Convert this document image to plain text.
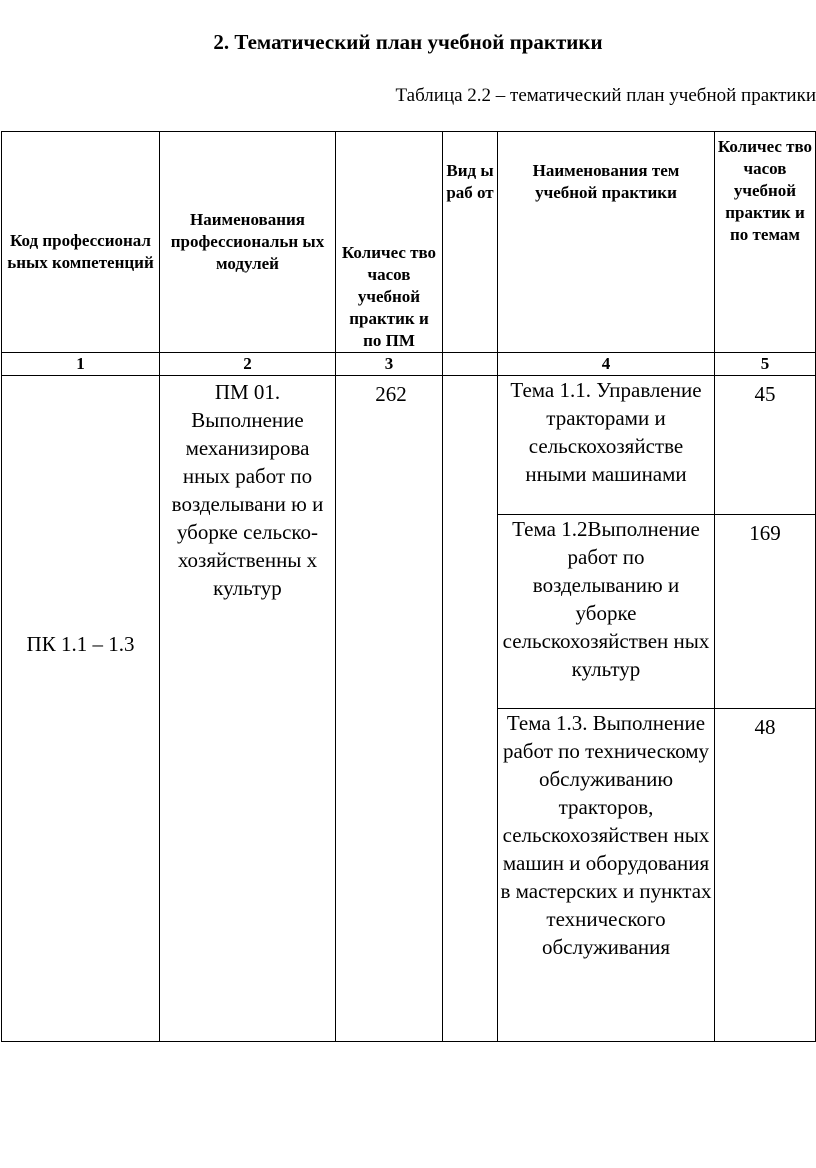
2. Тематический план учебной практики
Таблица 2.2 – тематический план учебной практики
Код профессионал ьных компетенций	Наименования профессиональн ых модулей	Количес тво часов учебной практик и по ПМ	Вид ы раб от	Наименования тем учебной практики	Количес тво часов учебной практик и по темам
1	2	3		4	5
ПК 1.1 – 1.3	ПМ 01. Выполнение механизирова нных работ по возделывани ю и уборке сельско-хозяйственны х культур	262		Тема 1.1. Управление тракторами и сельскохозяйстве нными машинами	45
				Тема 1.2Выполнение работ по возделыванию и уборке сельскохозяйствен ных культур	169
				Тема 1.3. Выполнение работ по техническому обслуживанию тракторов, сельскохозяйствен ных машин и оборудования в мастерских и пунктах технического обслуживания	48
